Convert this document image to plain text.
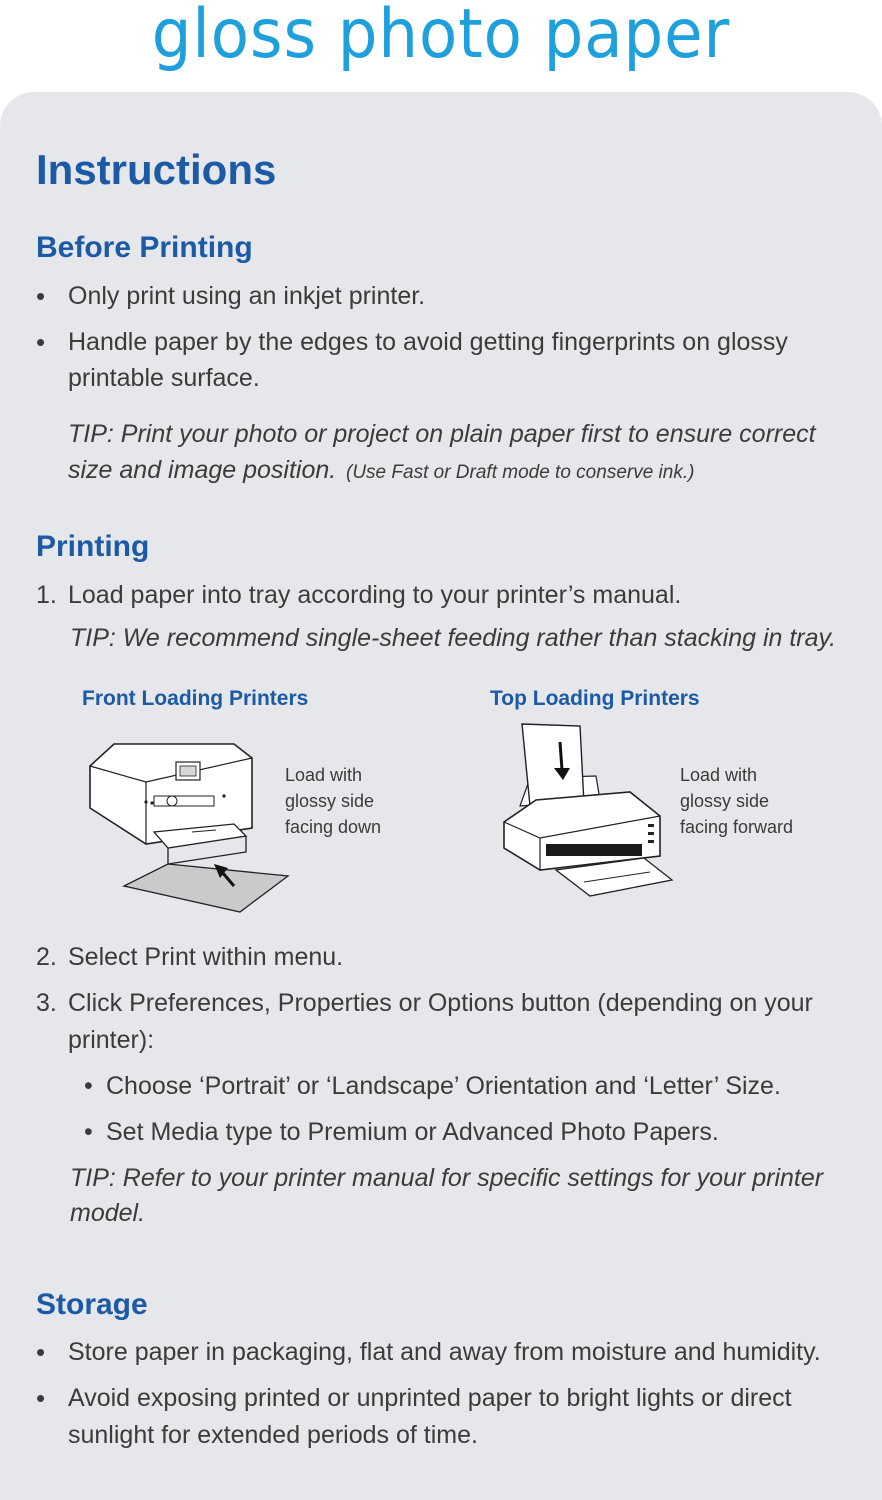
gloss photo paper
Instructions
Before Printing
• Only print using an inkjet printer.
• Handle paper by the edges to avoid getting fingerprints on glossy
printable surface.
TIP: Print your photo or project on plain paper first to ensure correct
size and image position. (Use Fast or Draft mode to conserve ink.)
Printing
1. Load paper into tray according to your printer’s manual.
TIP: We recommend single-sheet feeding rather than stacking in tray.
Front Loading Printers	Top Loading Printers
Load with
glossy side
facing down
Load with
glossy side
facing forward
2. Select Print within menu.
3. Click Preferences, Properties or Options button (depending on your
printer):
• Choose ‘Portrait’ or ‘Landscape’ Orientation and ‘Letter’ Size.
• Set Media type to Premium or Advanced Photo Papers.
TIP: Refer to your printer manual for specific settings for your printer
model.
Storage
• Store paper in packaging, flat and away from moisture and humidity.
• Avoid exposing printed or unprinted paper to bright lights or direct
sunlight for extended periods of time.
